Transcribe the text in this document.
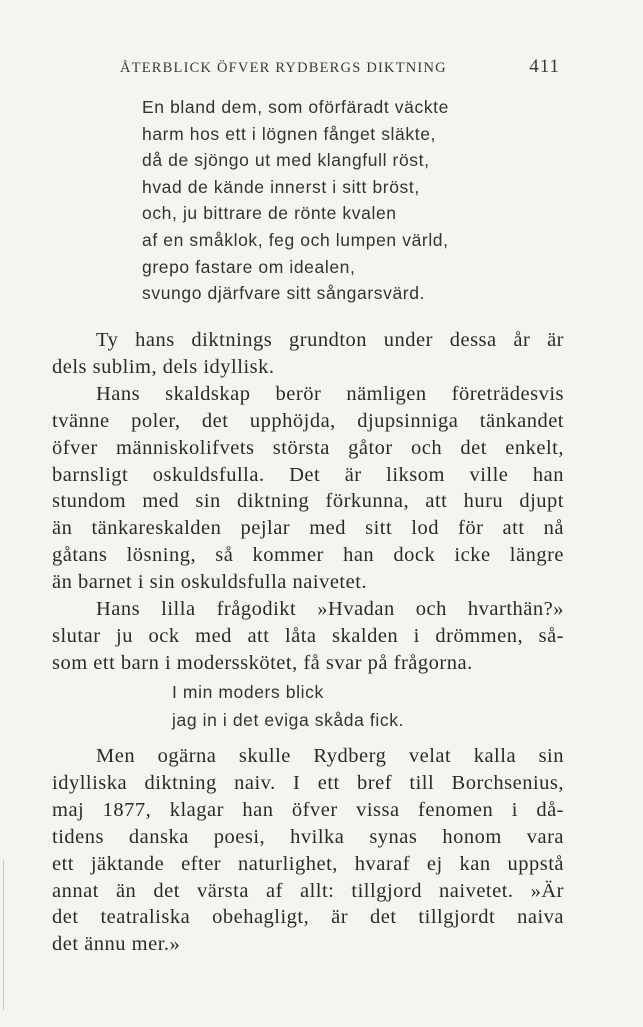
ÅTERBLICK ÖFVER RYDBERGS DIKTNING	411
En bland dem, som oförfäradt väckte
harm hos ett i lögnen fånget släkte,
då de sjöngo ut med klangfull röst,
hvad de kände innerst i sitt bröst,
och, ju bittrare de rönte kvalen
af en småklok, feg och lumpen värld,
grepo fastare om idealen,
svungo djärfvare sitt sångarsvärd.
Ty hans diktnings grundton under dessa år är
dels sublim, dels idyllisk.
Hans skaldskap berör nämligen företrädesvis
tvänne poler, det upphöjda, djupsinniga tänkandet
öfver människolifvets största gåtor och det enkelt,
barnsligt oskuldsfulla. Det är liksom ville han
stundom med sin diktning förkunna, att huru djupt
än tänkareskalden pejlar med sitt lod för att nå
gåtans lösning, så kommer han dock icke längre
än barnet i sin oskuldsfulla naivetet.
Hans lilla frågodikt »Hvadan och hvarthän?»
slutar ju ock med att låta skalden i drömmen, så-
som ett barn i modersskötet, få svar på frågorna.
I min moders blick
jag in i det eviga skåda fick.
Men ogärna skulle Rydberg velat kalla sin
idylliska diktning naiv. I ett bref till Borchsenius,
maj 1877, klagar han öfver vissa fenomen i då-
tidens danska poesi, hvilka synas honom vara
ett jäktande efter naturlighet, hvaraf ej kan uppstå
annat än det värsta af allt: tillgjord naivetet. »Är
det teatraliska obehagligt, är det tillgjordt naiva
det ännu mer.»
